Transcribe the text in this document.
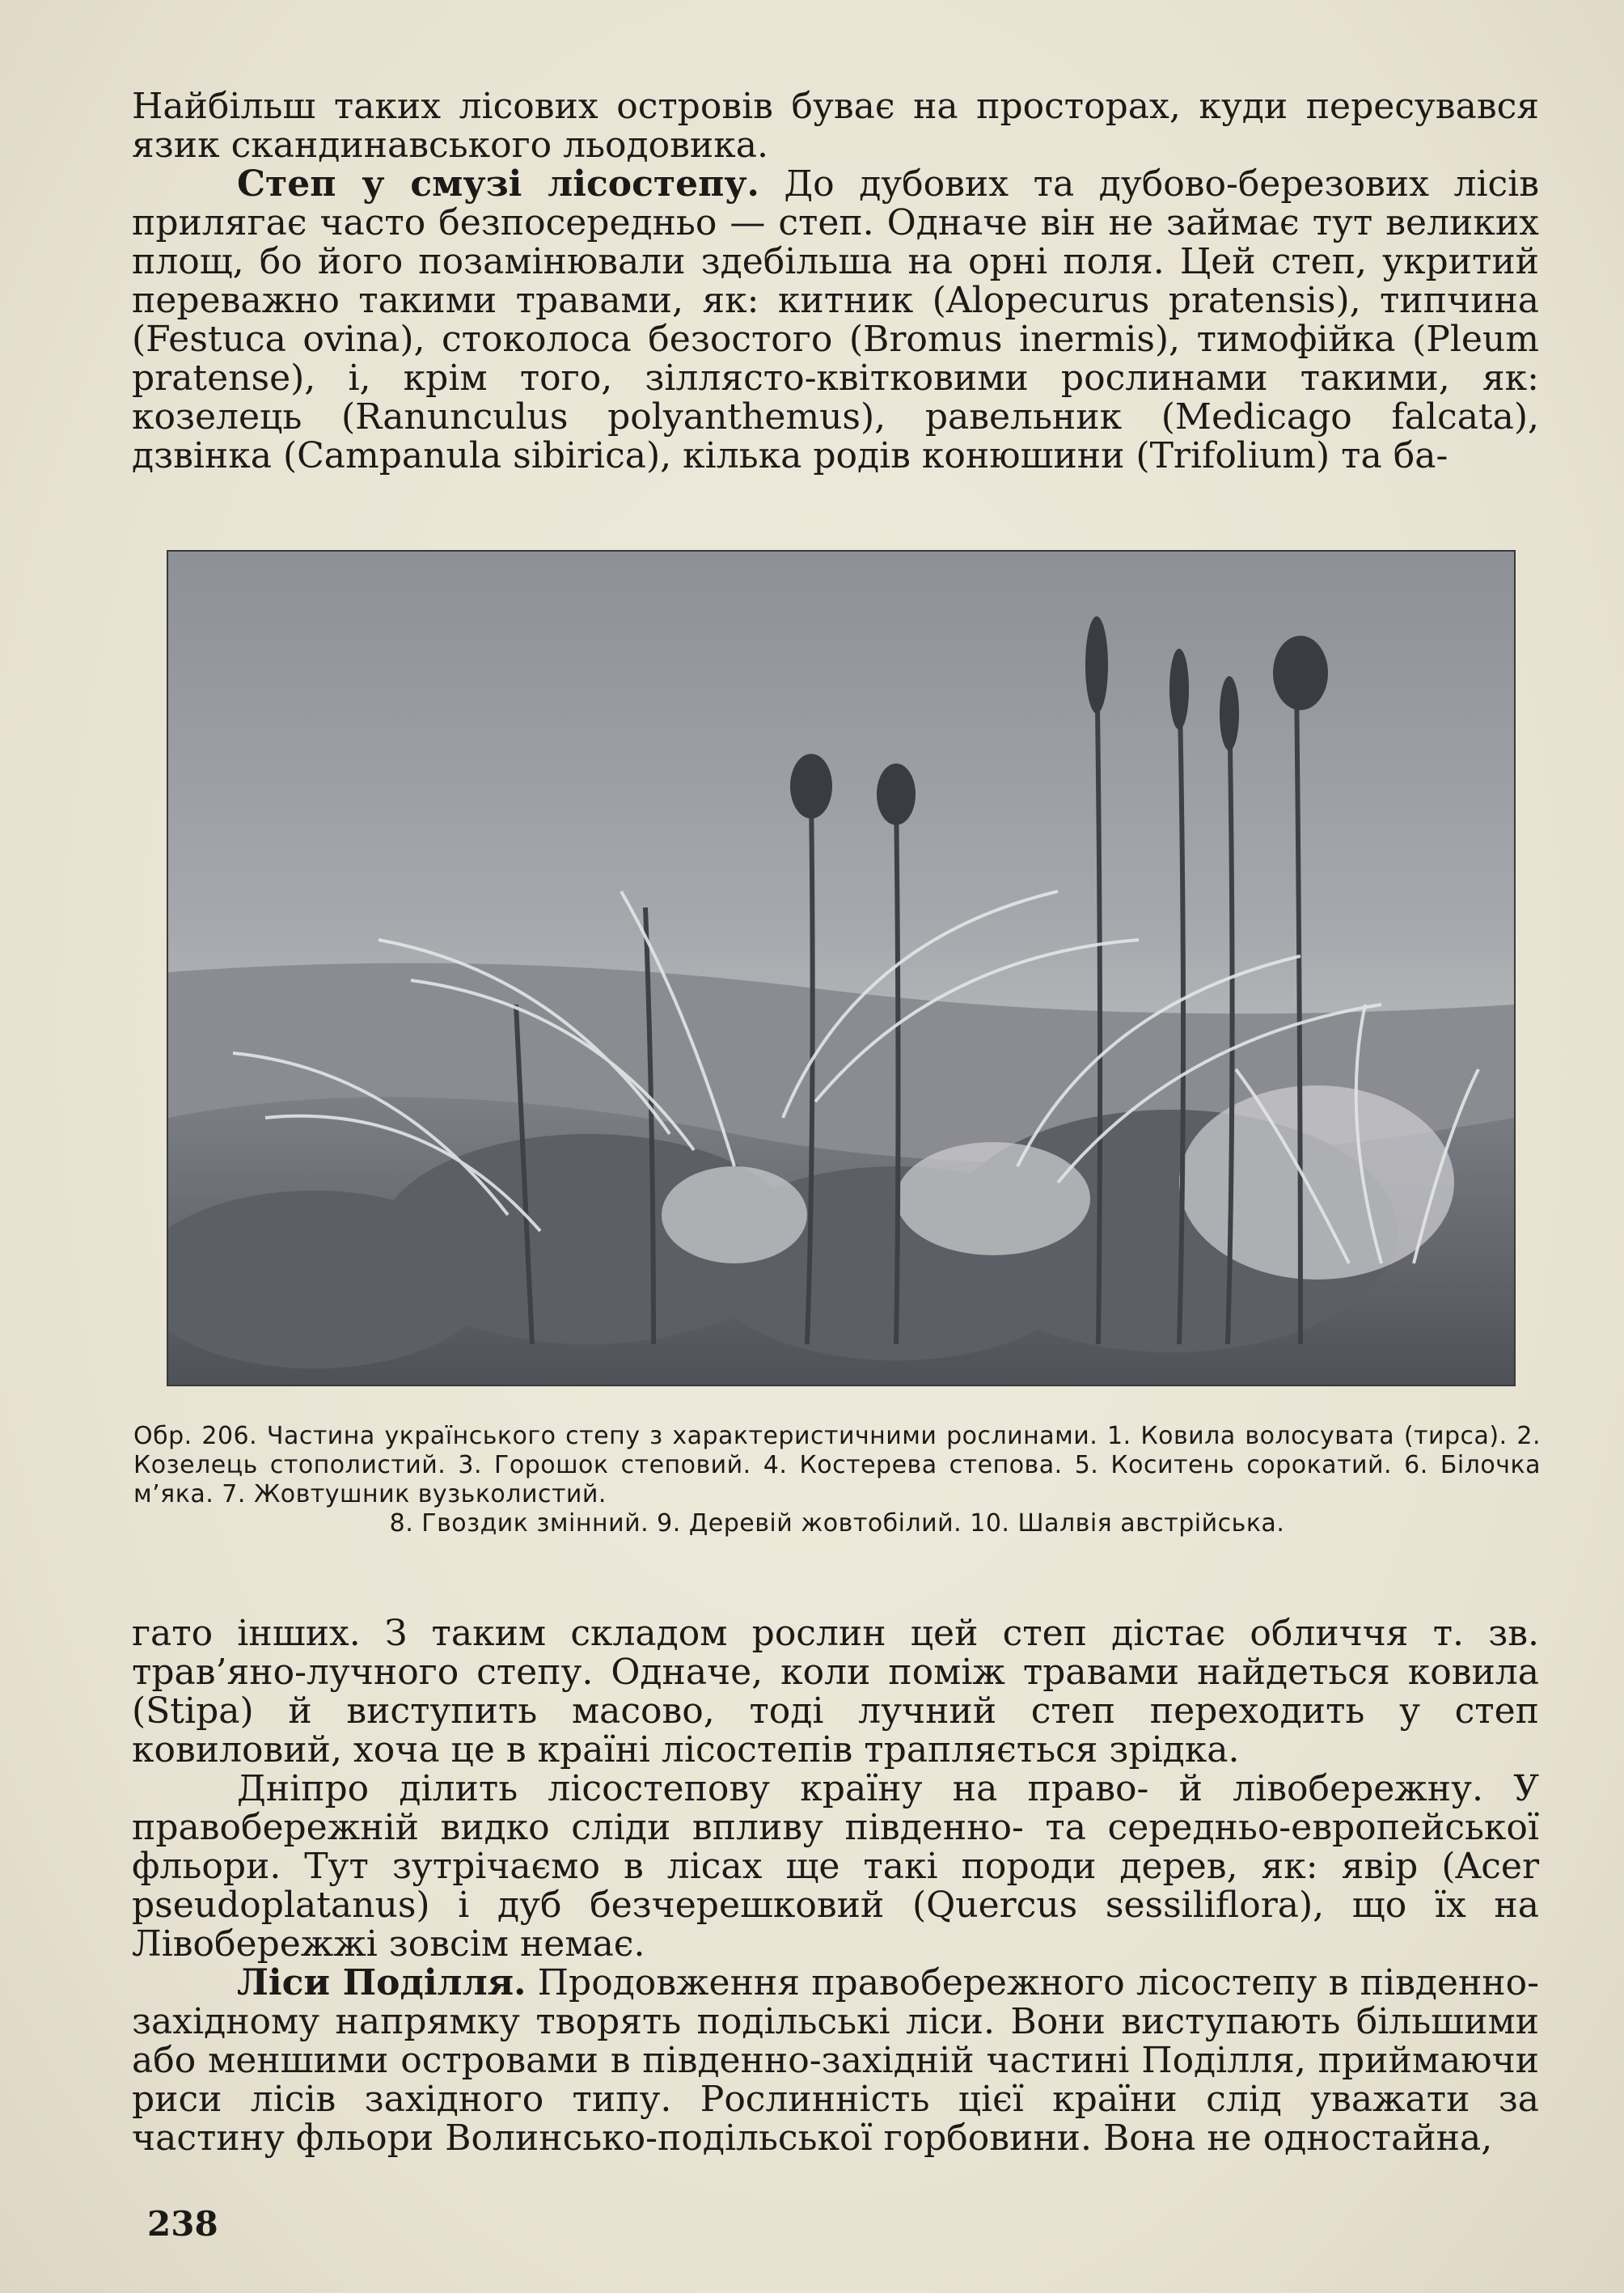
Найбільш таких лісових островів буває на просторах, куди пересувався язик скандинавського льодовика.

Степ у смузі лісостепу. До дубових та дубово-березових лісів прилягає часто безпосередньо — степ. Одначе він не займає тут великих площ, бо його позамінювали здебільша на орні поля. Цей степ, укритий переважно такими травами, як: китник (Alopecurus pratensis), типчина (Festuca ovina), стоколоса безостого (Bromus inermis), тимофійка (Pleum pratense), і, крім того, зіллясто-квітковими рослинами такими, як: козелець (Ranunculus polyanthemus), равельник (Medicago falcata), дзвінка (Campanula sibirica), кілька родів конюшини (Trifolium) та ба-

Обр. 206. Частина українського степу з характеристичними рослинами. 1. Ковила волосувата (тирса). 2. Козелець стополистий. 3. Горошок степовий. 4. Костерева степова. 5. Коситень сорокатий. 6. Білочка м’яка. 7. Жовтушник вузьколистий.
8. Гвоздик змінний. 9. Деревій жовтобілий. 10. Шалвія австрійська.

гато інших. З таким складом рослин цей степ дістає обличчя т. зв. трав’яно-лучного степу. Одначе, коли поміж травами найдеться ковила (Stipa) й виступить масово, тоді лучний степ переходить у степ ковиловий, хоча це в країні лісостепів трапляється зрідка.

Дніпро ділить лісостепову країну на право- й лівобережну. У правобережній видко сліди впливу південно- та середньо-европейської фльори. Тут зутрічаємо в лісах ще такі породи дерев, як: явір (Acer pseudoplatanus) і дуб безчерешковий (Quercus sessiliflora), що їх на Лівобережжі зовсім немає.

Ліси Поділля. Продовження правобережного лісостепу в південно-західному напрямку творять подільські ліси. Вони виступають більшими або меншими островами в південно-західній частині Поділля, приймаючи риси лісів західного типу. Рослинність цієї країни слід уважати за частину фльори Волинсько-подільської горбовини. Вона не одностайна,

238
